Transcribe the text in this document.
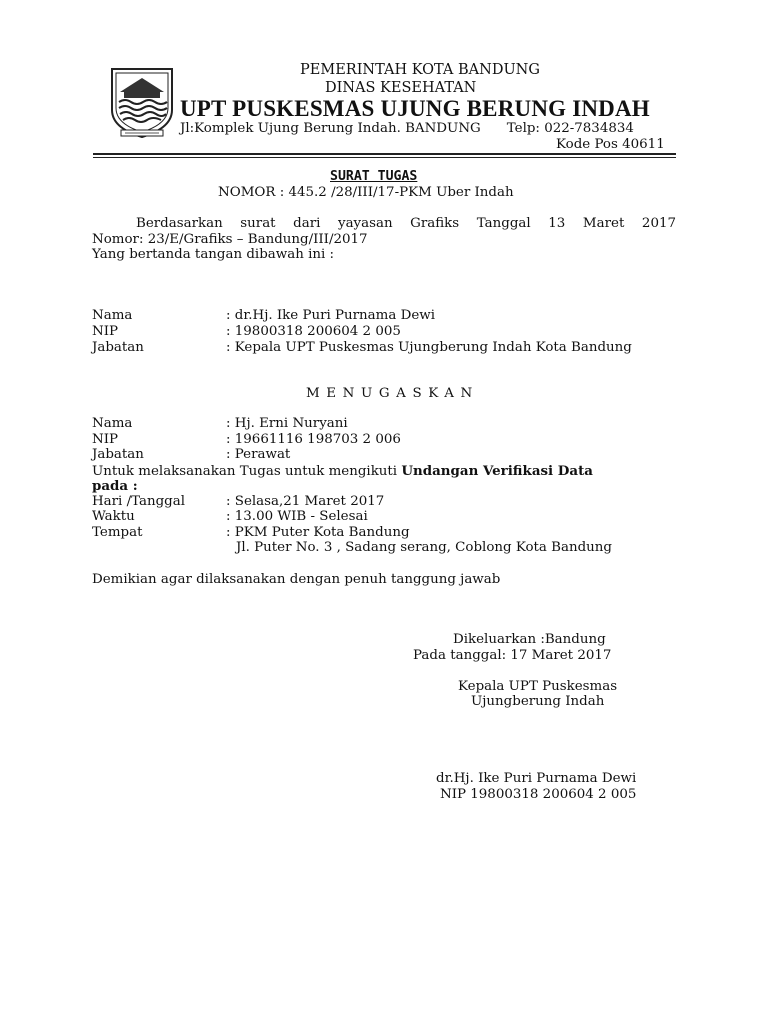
PEMERINTAH KOTA BANDUNG
DINAS KESEHATAN
UPT PUSKESMAS UJUNG BERUNG INDAH
Jl:Komplek Ujung Berung Indah. BANDUNG Telp: 022-7834834
Kode Pos 40611
SURAT TUGAS
NOMOR : 445.2 /28/III/17-PKM Uber Indah
Berdasarkan surat dari yayasan Grafiks Tanggal 13 Maret 2017
Nomor: 23/E/Grafiks – Bandung/III/2017
Yang bertanda tangan dibawah ini :
Nama	: dr.Hj. Ike Puri Purnama Dewi
NIP	: 19800318 200604 2 005
Jabatan	: Kepala UPT Puskesmas Ujungberung Indah Kota Bandung
MENUGASKAN
Nama	: Hj. Erni Nuryani
NIP	: 19661116 198703 2 006
Jabatan	: Perawat
Untuk melaksanakan Tugas untuk mengikuti Undangan Verifikasi Data
pada :
Hari /Tanggal	: Selasa,21 Maret 2017
Waktu	: 13.00 WIB - Selesai
Tempat	: PKM Puter Kota Bandung
Jl. Puter No. 3 , Sadang serang, Coblong Kota Bandung
Demikian agar dilaksanakan dengan penuh tanggung jawab
Dikeluarkan :Bandung
Pada tanggal: 17 Maret 2017
Kepala UPT Puskesmas
Ujungberung Indah
dr.Hj. Ike Puri Purnama Dewi
NIP 19800318 200604 2 005
